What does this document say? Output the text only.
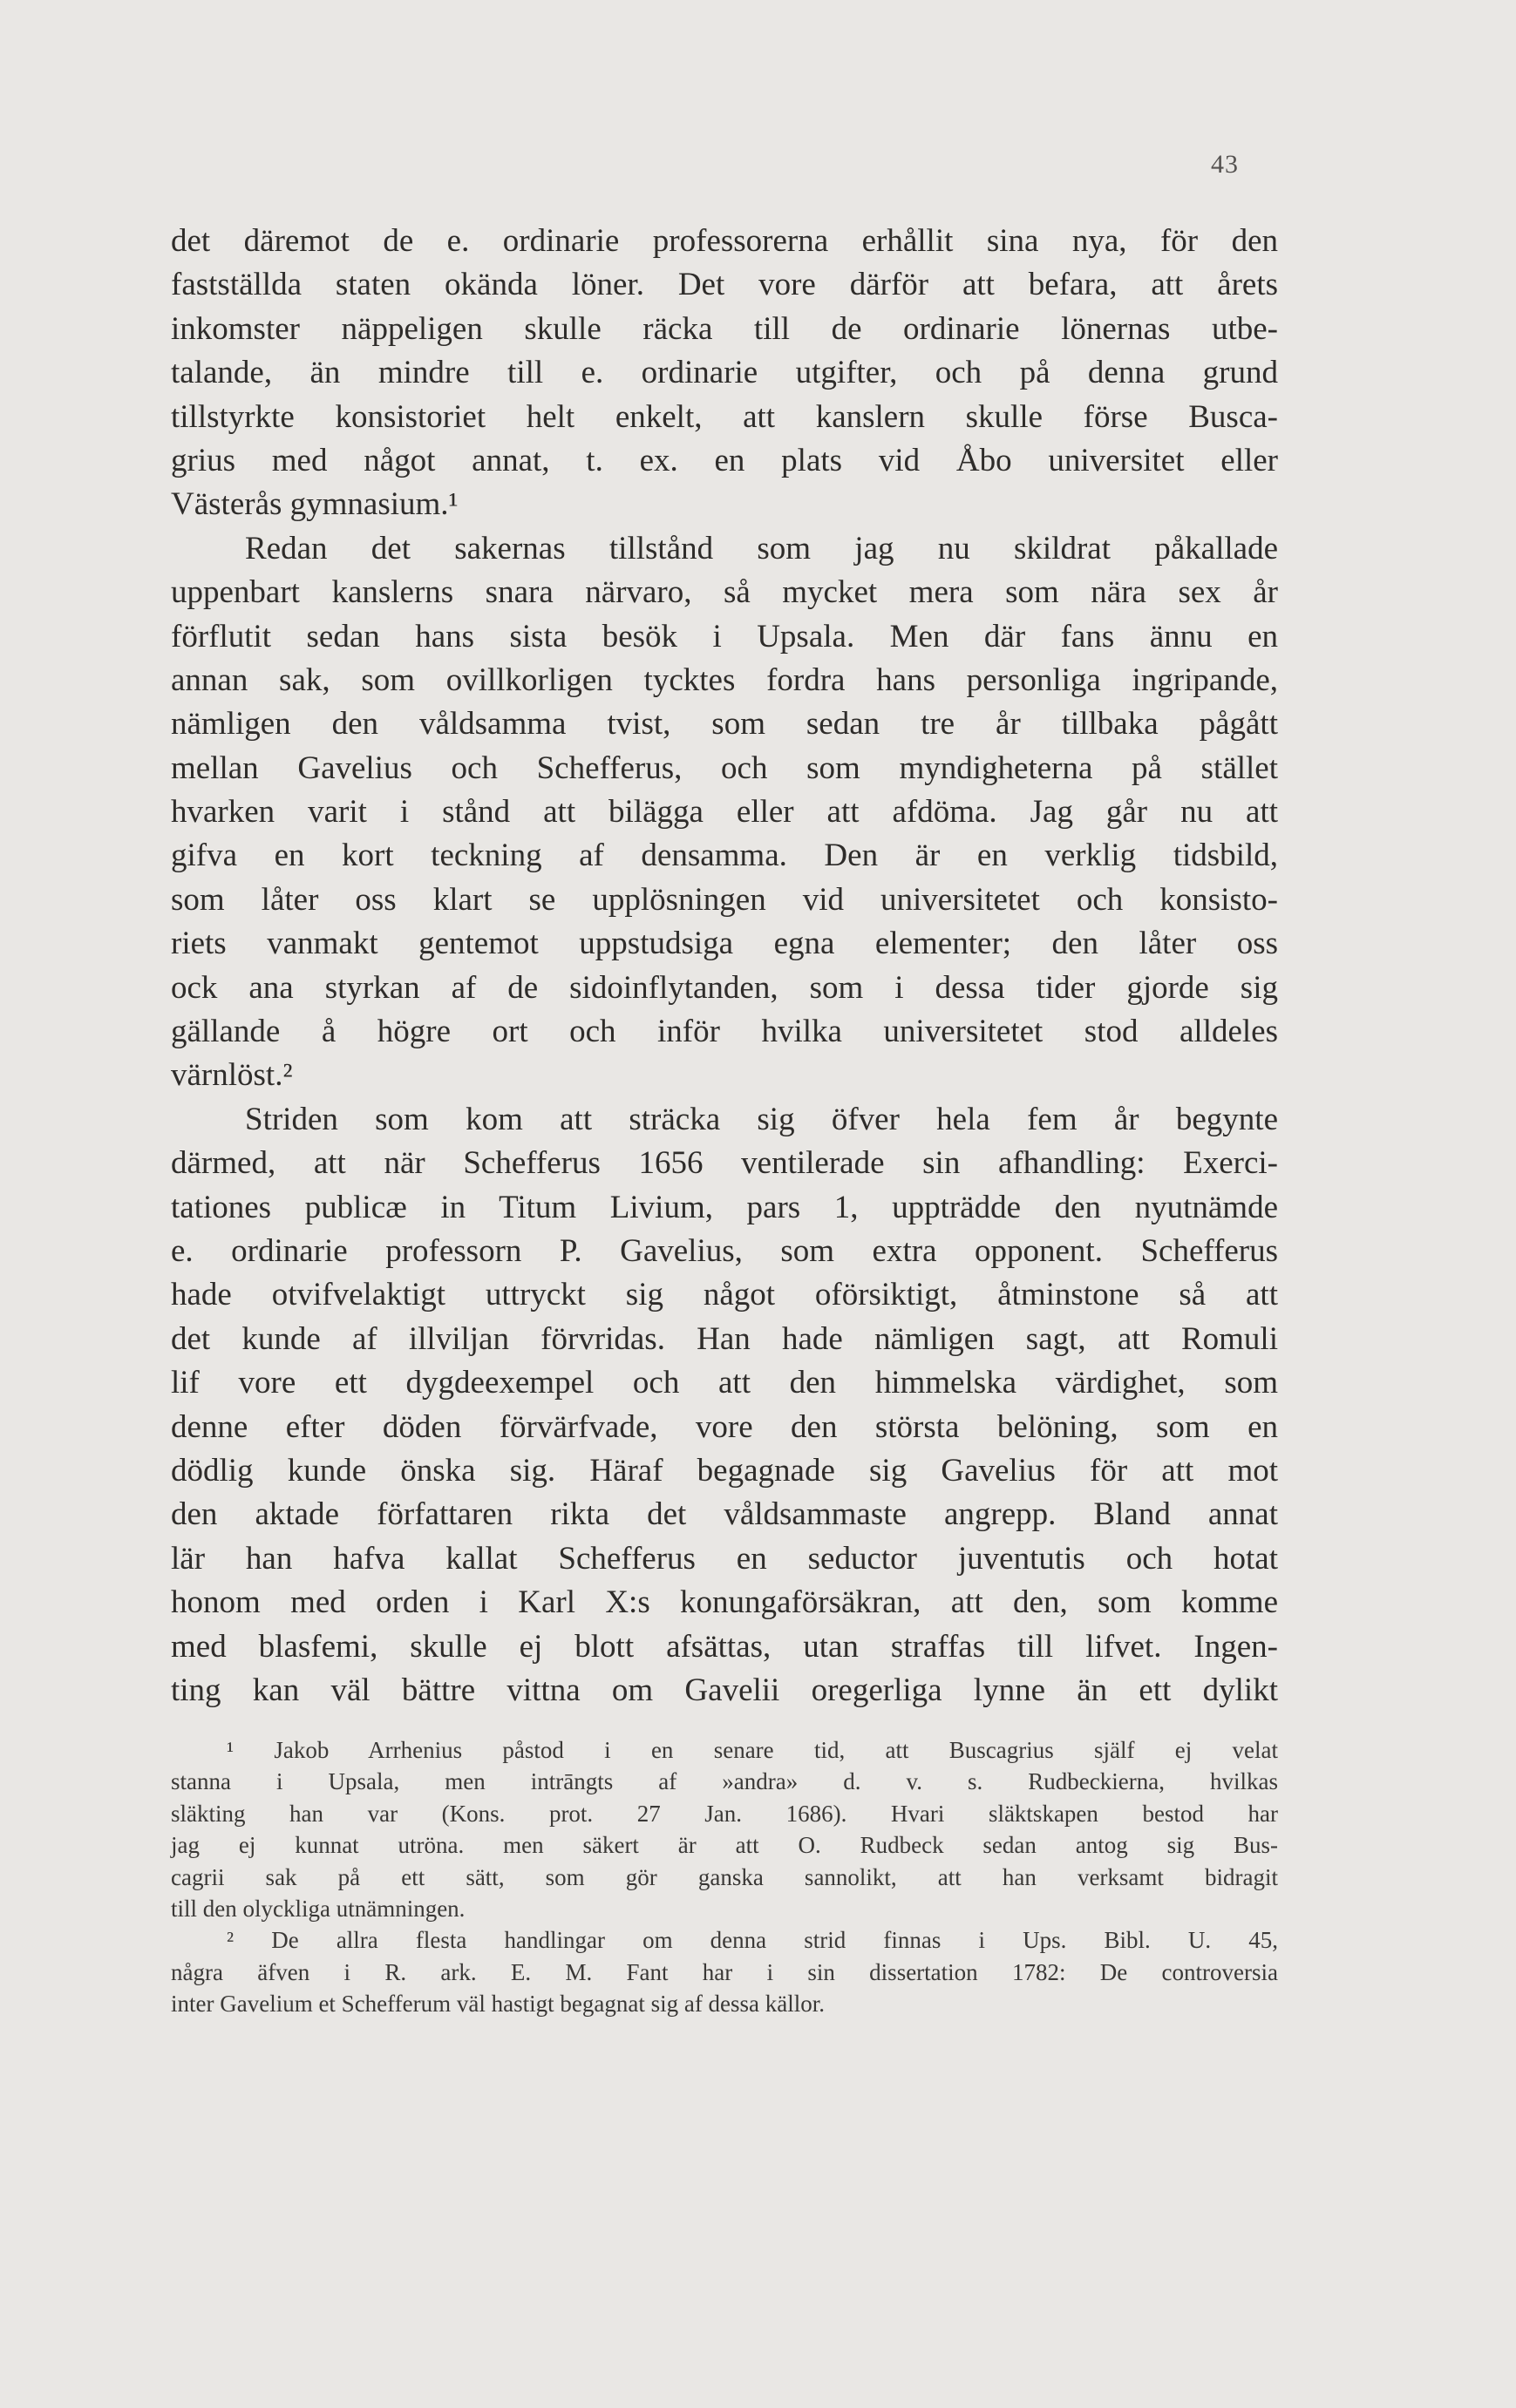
43
det däremot de e. ordinarie professorerna erhållit sina nya, för den
fastställda staten okända löner. Det vore därför att befara, att årets
inkomster näppeligen skulle räcka till de ordinarie lönernas utbe-
talande, än mindre till e. ordinarie utgifter, och på denna grund
tillstyrkte konsistoriet helt enkelt, att kanslern skulle förse Busca-
grius med något annat, t. ex. en plats vid Åbo universitet eller
Västerås gymnasium.¹
Redan det sakernas tillstånd som jag nu skildrat påkallade
uppenbart kanslerns snara närvaro, så mycket mera som nära sex år
förflutit sedan hans sista besök i Upsala. Men där fans ännu en
annan sak, som ovillkorligen tycktes fordra hans personliga ingripande,
nämligen den våldsamma tvist, som sedan tre år tillbaka pågått
mellan Gavelius och Schefferus, och som myndigheterna på stället
hvarken varit i stånd att bilägga eller att afdöma. Jag går nu att
gifva en kort teckning af densamma. Den är en verklig tidsbild,
som låter oss klart se upplösningen vid universitetet och konsisto-
riets vanmakt gentemot uppstudsiga egna elementer; den låter oss
ock ana styrkan af de sidoinflytanden, som i dessa tider gjorde sig
gällande å högre ort och inför hvilka universitetet stod alldeles
värnlöst.²
Striden som kom att sträcka sig öfver hela fem år begynte
därmed, att när Schefferus 1656 ventilerade sin afhandling: Exerci-
tationes publicæ in Titum Livium, pars 1, uppträdde den nyutnämde
e. ordinarie professorn P. Gavelius, som extra opponent. Schefferus
hade otvifvelaktigt uttryckt sig något oförsiktigt, åtminstone så att
det kunde af illviljan förvridas. Han hade nämligen sagt, att Romuli
lif vore ett dygdeexempel och att den himmelska värdighet, som
denne efter döden förvärfvade, vore den största belöning, som en
dödlig kunde önska sig. Häraf begagnade sig Gavelius för att mot
den aktade författaren rikta det våldsammaste angrepp. Bland annat
lär han hafva kallat Schefferus en seductor juventutis och hotat
honom med orden i Karl X:s konungaförsäkran, att den, som komme
med blasfemi, skulle ej blott afsättas, utan straffas till lifvet. Ingen-
ting kan väl bättre vittna om Gavelii oregerliga lynne än ett dylikt
¹ Jakob Arrhenius påstod i en senare tid, att Buscagrius själf ej velat
stanna i Upsala, men intrāngts af »andra» d. v. s. Rudbeckierna, hvilkas
släkting han var (Kons. prot. 27 Jan. 1686). Hvari släktskapen bestod har
jag ej kunnat utröna. men säkert är att O. Rudbeck sedan antog sig Bus-
cagrii sak på ett sätt, som gör ganska sannolikt, att han verksamt bidragit
till den olyckliga utnämningen.
² De allra flesta handlingar om denna strid finnas i Ups. Bibl. U. 45,
några äfven i R. ark. E. M. Fant har i sin dissertation 1782: De controversia
inter Gavelium et Schefferum väl hastigt begagnat sig af dessa källor.
